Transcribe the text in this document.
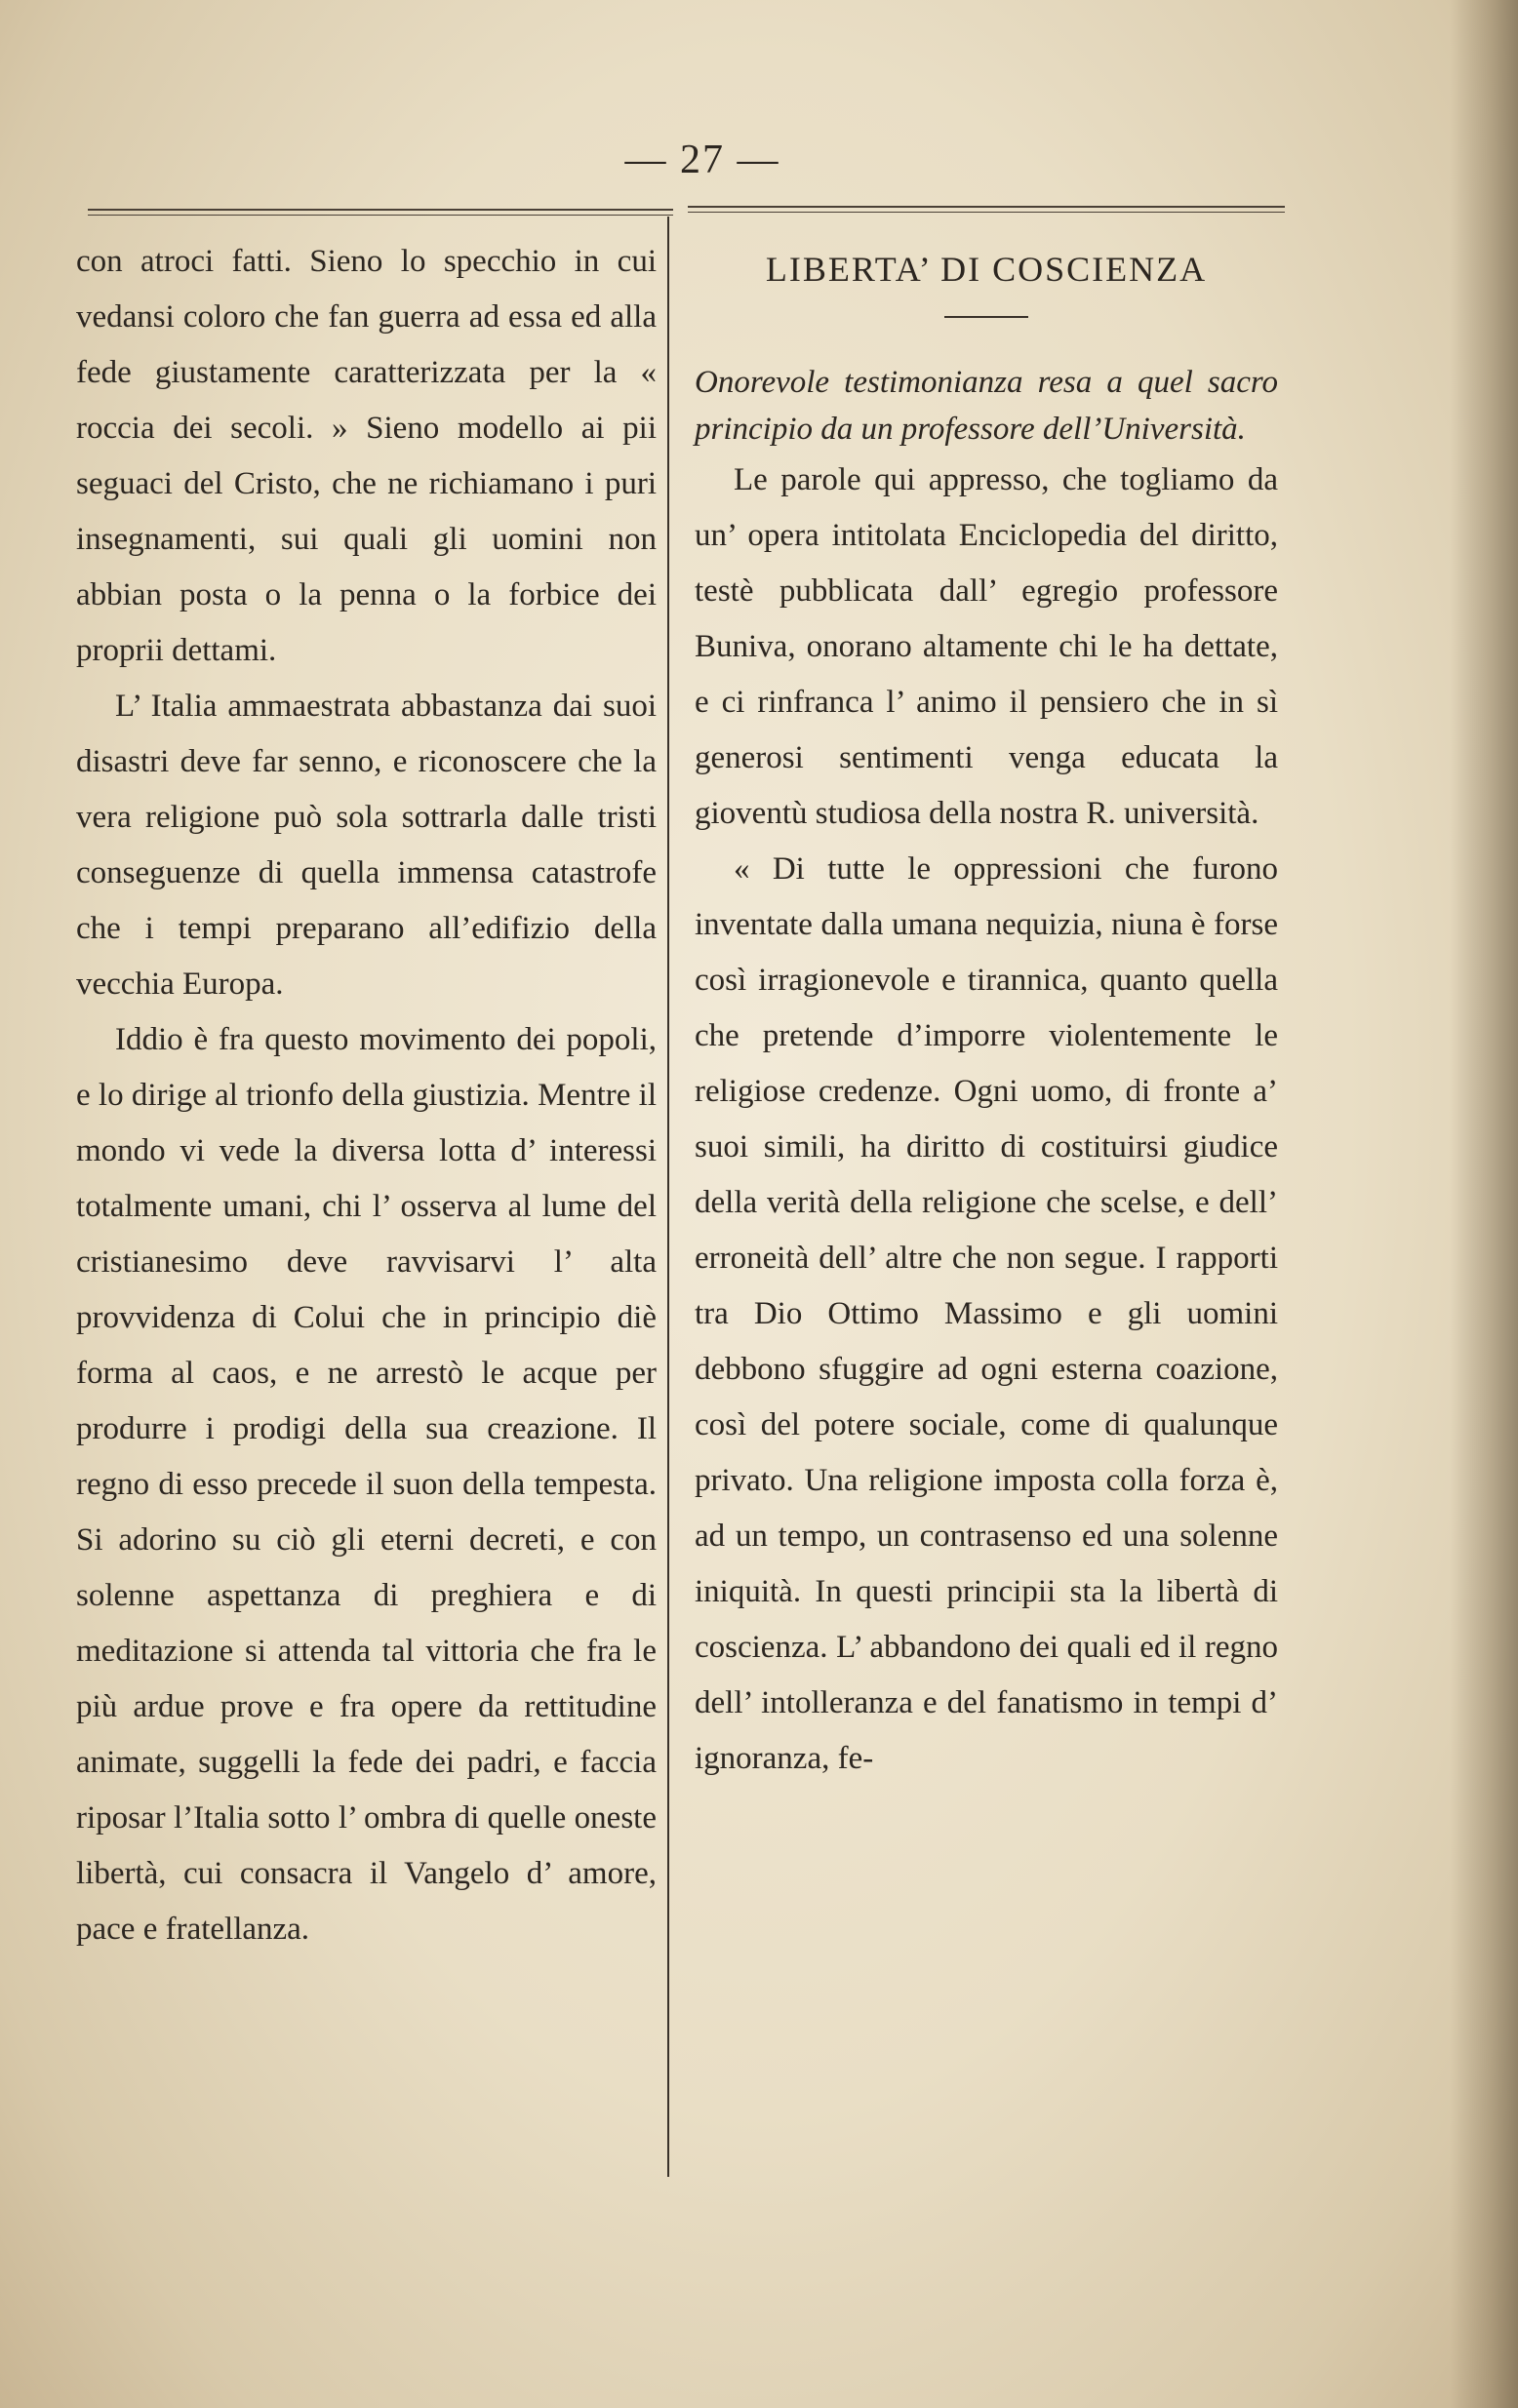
— 27 —

con atroci fatti. Sieno lo specchio in cui vedansi coloro che fan guerra ad essa ed alla fede giustamente caratterizzata per la « roccia dei secoli. » Sieno modello ai pii seguaci del Cristo, che ne richiamano i puri insegnamenti, sui quali gli uomini non abbian posta o la penna o la forbice dei proprii dettami.

L’ Italia ammaestrata abbastanza dai suoi disastri deve far senno, e riconoscere che la vera religione può sola sottrarla dalle tristi conseguenze di quella immensa catastrofe che i tempi preparano all’edifizio della vecchia Europa.

Iddio è fra questo movimento dei popoli, e lo dirige al trionfo della giustizia. Mentre il mondo vi vede la diversa lotta d’ interessi totalmente umani, chi l’ osserva al lume del cristianesimo deve ravvisarvi l’ alta provvidenza di Colui che in principio diè forma al caos, e ne arrestò le acque per produrre i prodigi della sua creazione. Il regno di esso precede il suon della tempesta. Si adorino su ciò gli eterni decreti, e con solenne aspettanza di preghiera e di meditazione si attenda tal vittoria che fra le più ardue prove e fra opere da rettitudine animate, suggelli la fede dei padri, e faccia riposar l’Italia sotto l’ ombra di quelle oneste libertà, cui consacra il Vangelo d’ amore, pace e fratellanza.

LIBERTA’ DI COSCIENZA

Onorevole testimonianza resa a quel sacro principio da un professore dell’Università.

Le parole qui appresso, che togliamo da un’ opera intitolata Enciclopedia del diritto, testè pubblicata dall’ egregio professore Buniva, onorano altamente chi le ha dettate, e ci rinfranca l’ animo il pensiero che in sì generosi sentimenti venga educata la gioventù studiosa della nostra R. università.

« Di tutte le oppressioni che furono inventate dalla umana nequizia, niuna è forse così irragionevole e tirannica, quanto quella che pretende d’imporre violentemente le religiose credenze. Ogni uomo, di fronte a’ suoi simili, ha diritto di costituirsi giudice della verità della religione che scelse, e dell’ erroneità dell’ altre che non segue. I rapporti tra Dio Ottimo Massimo e gli uomini debbono sfuggire ad ogni esterna coazione, così del potere sociale, come di qualunque privato. Una religione imposta colla forza è, ad un tempo, un contrasenso ed una solenne iniquità. In questi principii sta la libertà di coscienza. L’ abbandono dei quali ed il regno dell’ intolleranza e del fanatismo in tempi d’ ignoranza, fe-
